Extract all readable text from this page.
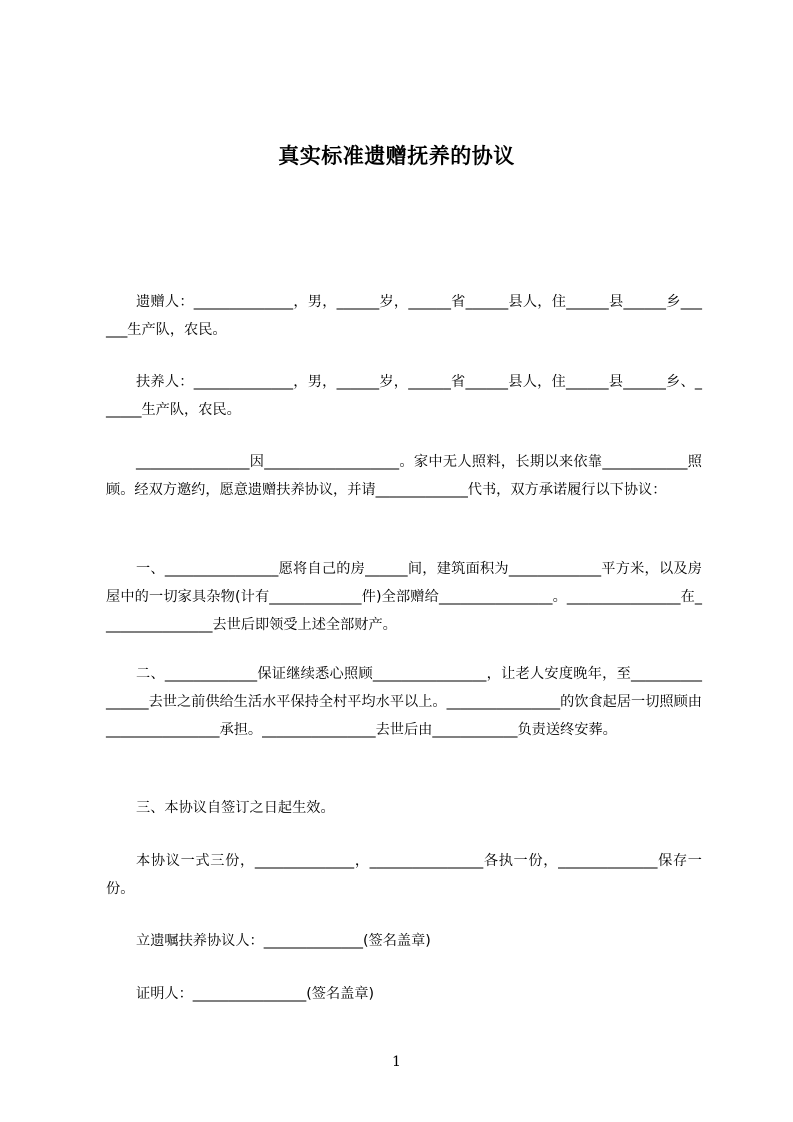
真实标准遗赠抚养的协议

遗赠人：______________，男，______岁，______省______县人，住______县______乡______生产队，农民。

扶养人：______________，男，______岁，______省______县人，住______县______乡、______生产队，农民。

________________因___________________。家中无人照料，长期以来依靠____________照顾。经双方邀约，愿意遗赠扶养协议，并请_____________代书，双方承诺履行以下协议：

一、________________愿将自己的房______间，建筑面积为_____________平方米，以及房屋中的一切家具杂物(计有_____________件)全部赠给________________。________________在________________去世后即领受上述全部财产。

二、_____________保证继续悉心照顾________________，让老人安度晚年，至________________去世之前供给生活水平保持全村平均水平以上。________________的饮食起居一切照顾由________________承担。________________去世后由____________负责送终安葬。

三、本协议自签订之日起生效。

本协议一式三份，______________，________________各执一份，______________保存一份。

立遗嘱扶养协议人：______________(签名盖章)

证明人：________________(签名盖章)

1
